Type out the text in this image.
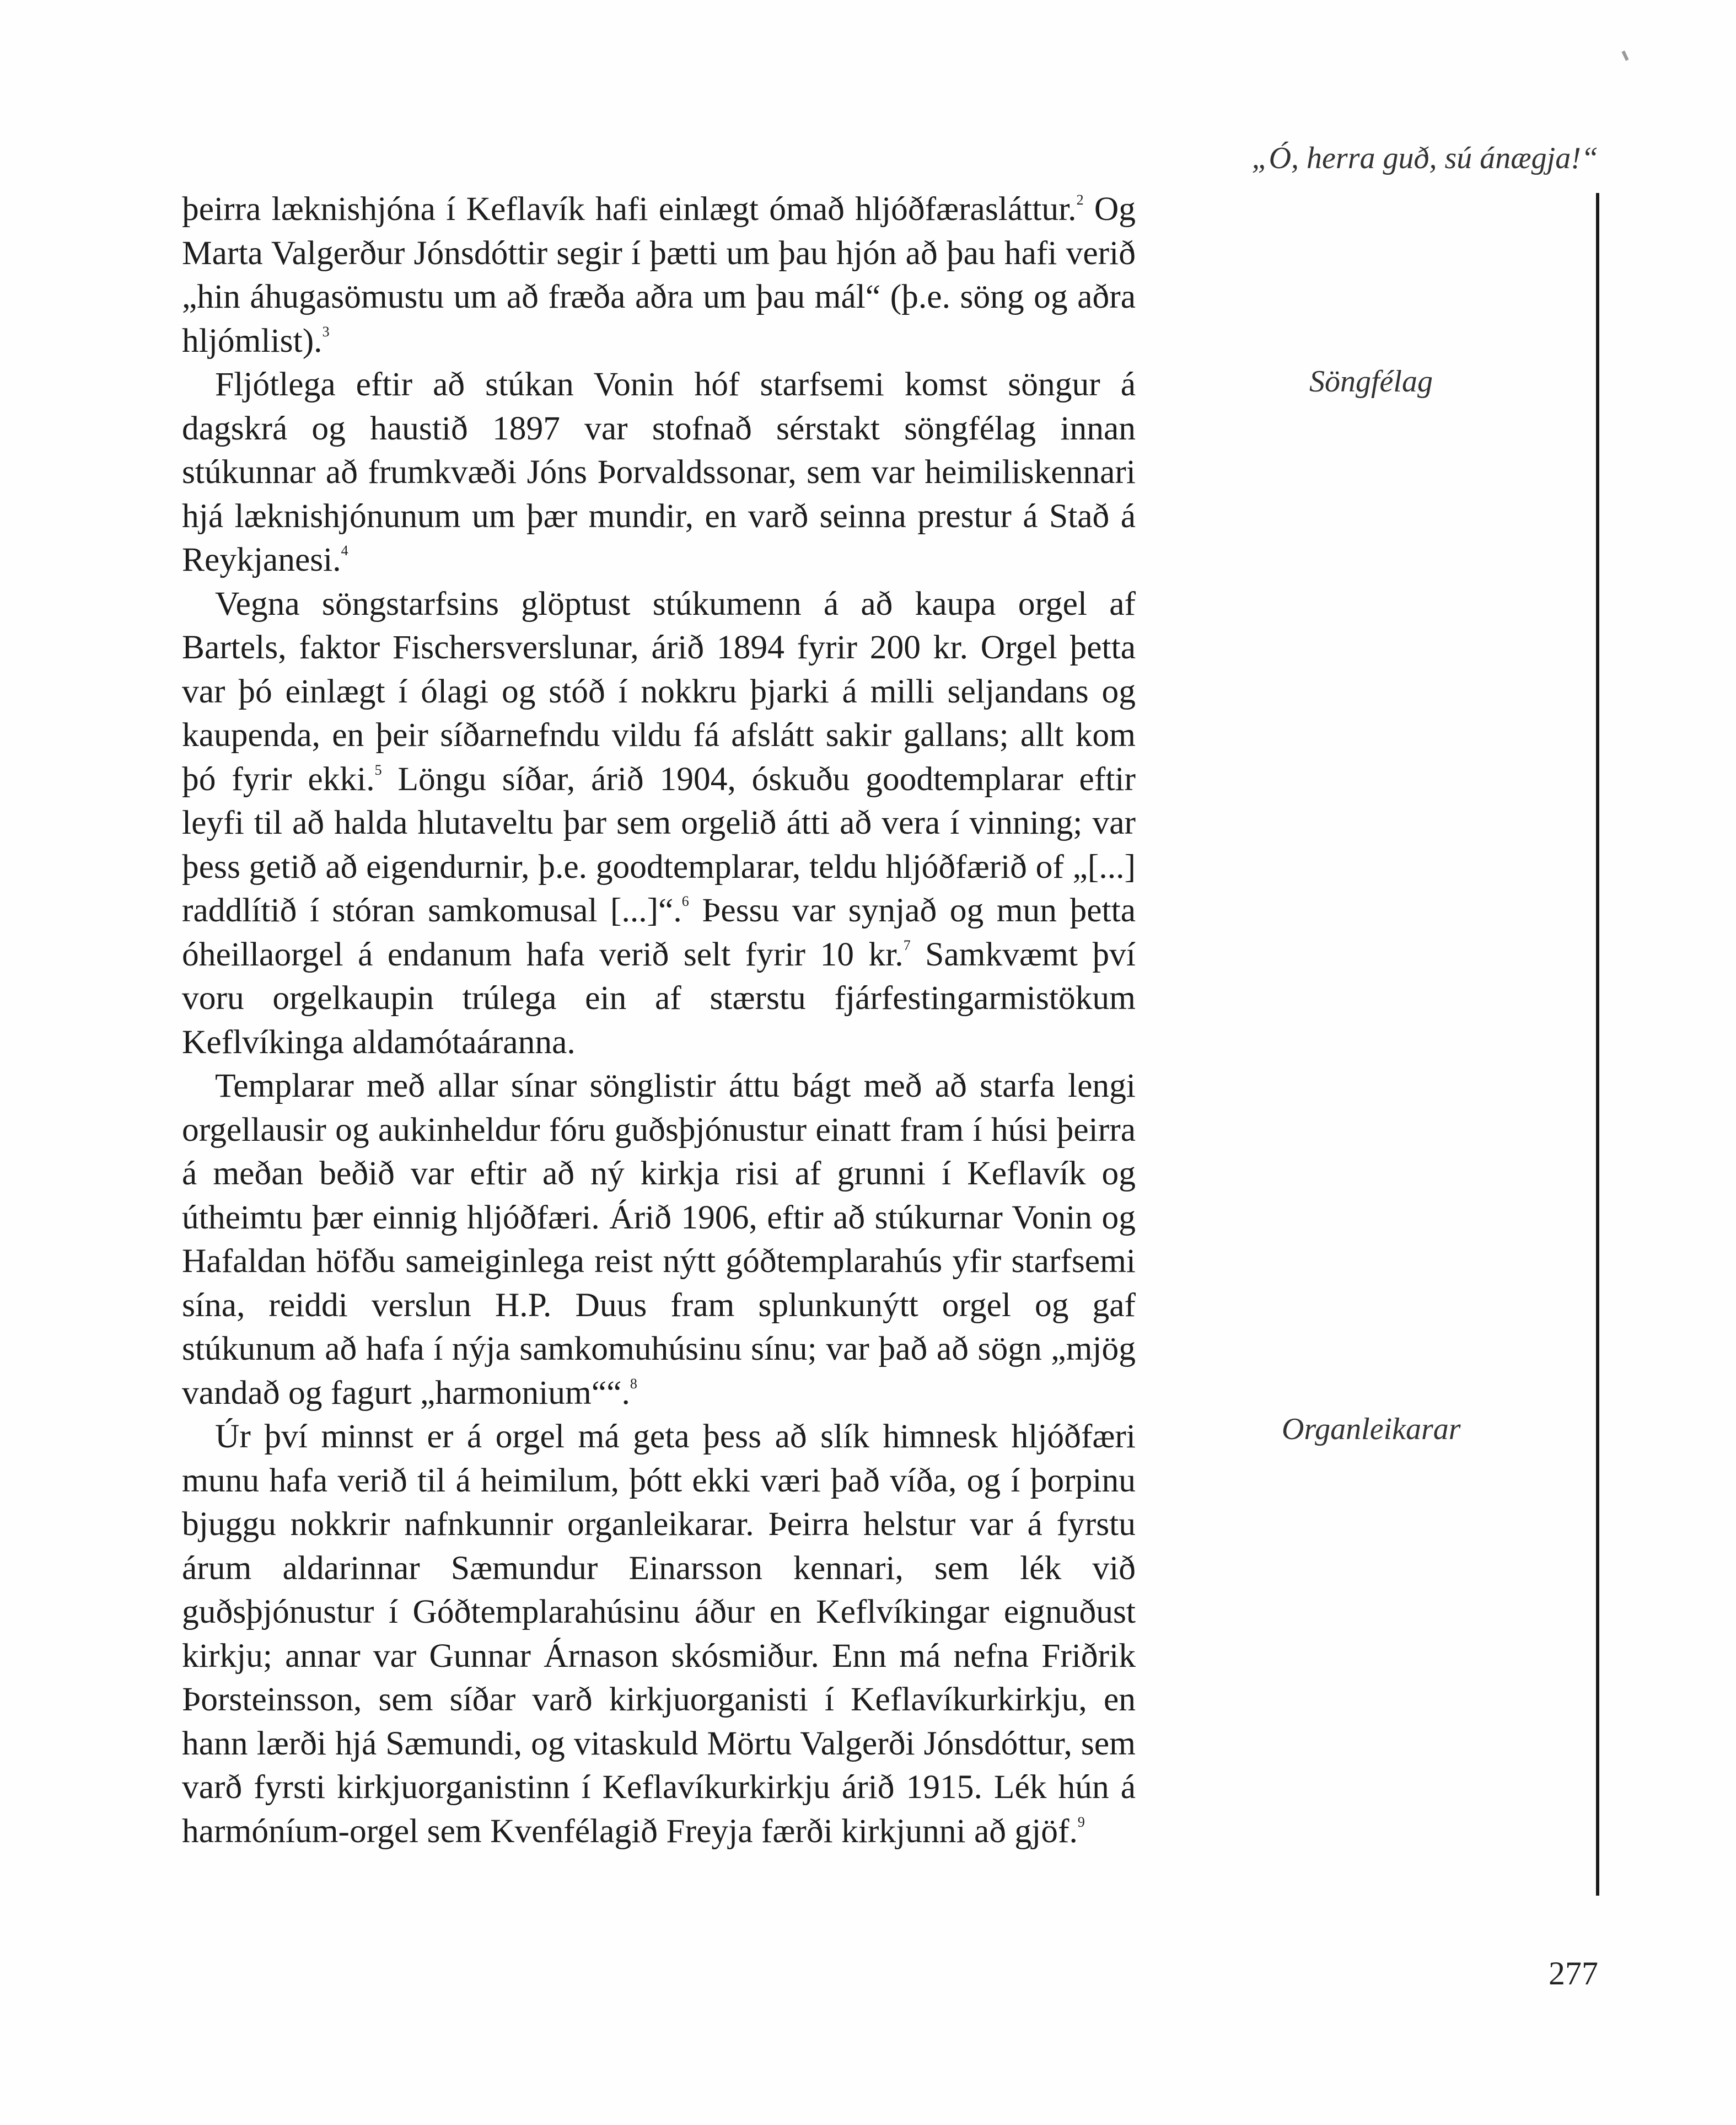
„Ó, herra guð, sú ánægja!“

þeirra læknishjóna í Keflavík hafi einlægt ómað hljóðfærasláttur.$^2$ Og Marta Valgerður Jónsdóttir segir í þætti um þau hjón að þau hafi verið „hin áhugasömustu um að fræða aðra um þau mál“ (þ.e. söng og aðra hljómlist).$^3$

Fljótlega eftir að stúkan Vonin hóf starfsemi komst söngur á dagskrá og haustið 1897 var stofnað sérstakt söngfélag innan stúkunnar að frumkvæði Jóns Þorvaldssonar, sem var heimiliskennari hjá læknishjónunum um þær mundir, en varð seinna prestur á Stað á Reykjanesi.$^4$

Vegna söngstarfsins glöptust stúkumenn á að kaupa orgel af Bartels, faktor Fischersverslunar, árið 1894 fyrir 200 kr. Orgel þetta var þó einlægt í ólagi og stóð í nokkru þjarki á milli seljandans og kaupenda, en þeir síðarnefndu vildu fá afslátt sakir gallans; allt kom þó fyrir ekki.$^5$ Löngu síðar, árið 1904, óskuðu goodtemplarar eftir leyfi til að halda hlutaveltu þar sem orgelið átti að vera í vinning; var þess getið að eigendurnir, þ.e. goodtemplarar, teldu hljóðfærið of „[...] raddlítið í stóran samkomusal [...]“.$^6$ Þessu var synjað og mun þetta óheillaorgel á endanum hafa verið selt fyrir 10 kr.$^7$ Samkvæmt því voru orgelkaupin trúlega ein af stærstu fjárfestingarmistökum Keflvíkinga aldamótaáranna.

Templarar með allar sínar sönglistir áttu bágt með að starfa lengi orgellausir og aukinheldur fóru guðsþjónustur einatt fram í húsi þeirra á meðan beðið var eftir að ný kirkja risi af grunni í Keflavík og útheimtu þær einnig hljóðfæri. Árið 1906, eftir að stúkurnar Vonin og Hafaldan höfðu sameiginlega reist nýtt góðtemplarahús yfir starfsemi sína, reiddi verslun H.P. Duus fram splunkunýtt orgel og gaf stúkunum að hafa í nýja samkomuhúsinu sínu; var það að sögn „mjög vandað og fagurt „harmonium““.$^8$

Úr því minnst er á orgel má geta þess að slík himnesk hljóðfæri munu hafa verið til á heimilum, þótt ekki væri það víða, og í þorpinu bjuggu nokkrir nafnkunnir organleikarar. Þeirra helstur var á fyrstu árum aldarinnar Sæmundur Einarsson kennari, sem lék við guðsþjónustur í Góðtemplarahúsinu áður en Keflvíkingar eignuðust kirkju; annar var Gunnar Árnason skósmiður. Enn má nefna Friðrik Þorsteinsson, sem síðar varð kirkjuorganisti í Keflavíkurkirkju, en hann lærði hjá Sæmundi, og vitaskuld Mörtu Valgerði Jónsdóttur, sem varð fyrsti kirkjuorganistinn í Keflavíkurkirkju árið 1915. Lék hún á harmóníum-orgel sem Kvenfélagið Freyja færði kirkjunni að gjöf.$^9$

Söngfélag
Organleikarar
277
